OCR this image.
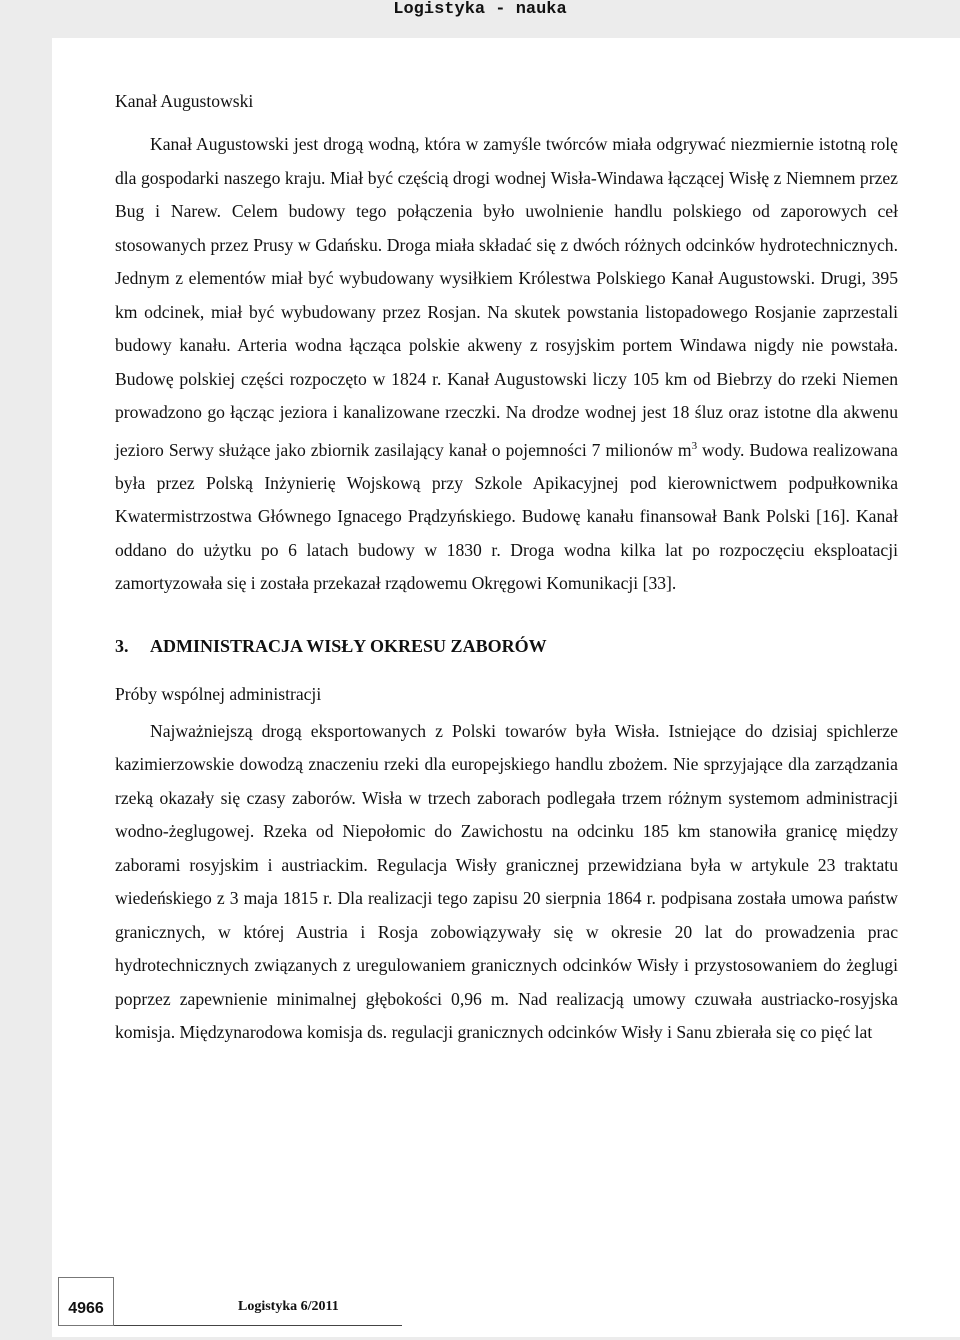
Logistyka - nauka
Kanał Augustowski

Kanał Augustowski jest drogą wodną, która w zamyśle twórców miała odgrywać niezmiernie istotną rolę dla gospodarki naszego kraju. Miał być częścią drogi wodnej Wisła-Windawa łączącej Wisłę z Niemnem przez Bug i Narew. Celem budowy tego połączenia było uwolnienie handlu polskiego od zaporowych ceł stosowanych przez Prusy w Gdańsku. Droga miała składać się z dwóch różnych odcinków hydrotechnicznych. Jednym z elementów miał być wybudowany wysiłkiem Królestwa Polskiego Kanał Augustowski. Drugi, 395 km odcinek, miał być wybudowany przez Rosjan. Na skutek powstania listopadowego Rosjanie zaprzestali budowy kanału. Arteria wodna łącząca polskie akweny z rosyjskim portem Windawa nigdy nie powstała. Budowę polskiej części rozpoczęto w 1824 r. Kanał Augustowski liczy 105 km od Biebrzy do rzeki Niemen prowadzono go łącząc jeziora i kanalizowane rzeczki. Na drodze wodnej jest 18 śluz oraz istotne dla akwenu jezioro Serwy służące jako zbiornik zasilający kanał o pojemności 7 milionów $m^3$ wody. Budowa realizowana była przez Polską Inżynierię Wojskową przy Szkole Apikacyjnej pod kierownictwem podpułkownika Kwatermistrzostwa Głównego Ignacego Prądzyńskiego. Budowę kanału finansował Bank Polski [16]. Kanał oddano do użytku po 6 latach budowy w 1830 r. Droga wodna kilka lat po rozpoczęciu eksploatacji zamortyzowała się i została przekazał rządowemu Okręgowi Komunikacji [33].

3. ADMINISTRACJA WISŁY OKRESU ZABORÓW
Próby wspólnej administracji

Najważniejszą drogą eksportowanych z Polski towarów była Wisła. Istniejące do dzisiaj spichlerze kazimierzowskie dowodzą znaczeniu rzeki dla europejskiego handlu zbożem. Nie sprzyjające dla zarządzania rzeką okazały się czasy zaborów. Wisła w trzech zaborach podlegała trzem różnym systemom administracji wodno-żeglugowej. Rzeka od Niepołomic do Zawichostu na odcinku 185 km stanowiła granicę między zaborami rosyjskim i austriackim. Regulacja Wisły granicznej przewidziana była w artykule 23 traktatu wiedeńskiego z 3 maja 1815 r. Dla realizacji tego zapisu 20 sierpnia 1864 r. podpisana została umowa państw granicznych, w której Austria i Rosja zobowiązywały się w okresie 20 lat do prowadzenia prac hydrotechnicznych związanych z uregulowaniem granicznych odcinków Wisły i przystosowaniem do żeglugi poprzez zapewnienie minimalnej głębokości 0,96 m. Nad realizacją umowy czuwała austriacko-rosyjska komisja. Międzynarodowa komisja ds. regulacji granicznych odcinków Wisły i Sanu zbierała się co pięć lat

4966	Logistyka 6/2011
